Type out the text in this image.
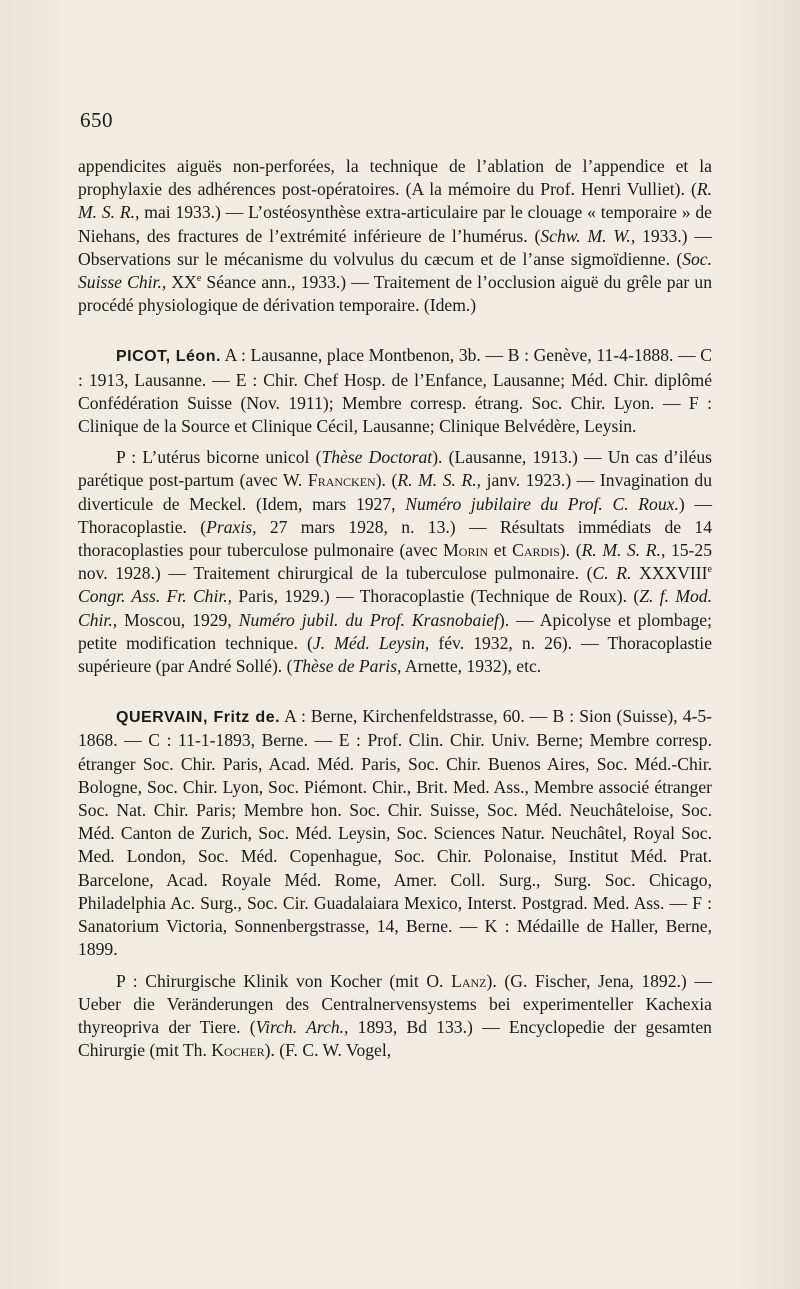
650

appendicites aiguës non-perforées, la technique de l’ablation de l’appendice et la prophylaxie des adhérences post-opératoires. (A la mémoire du Prof. Henri Vulliet). (R. M. S. R., mai 1933.) — L’ostéosynthèse extra-articulaire par le clouage « temporaire » de Niehans, des fractures de l’extrémité inférieure de l’humérus. (Schw. M. W., 1933.) — Observations sur le mécanisme du volvulus du cæcum et de l’anse sigmoïdienne. (Soc. Suisse Chir., XXe Séance ann., 1933.) — Traitement de l’occlusion aiguë du grêle par un procédé physiologique de dérivation temporaire. (Idem.)

PICOT, Léon. A : Lausanne, place Montbenon, 3b. — B : Genève, 11-4-1888. — C : 1913, Lausanne. — E : Chir. Chef Hosp. de l’Enfance, Lausanne; Méd. Chir. diplômé Confédération Suisse (Nov. 1911); Membre corresp. étrang. Soc. Chir. Lyon. — F : Clinique de la Source et Clinique Cécil, Lausanne; Clinique Belvédère, Leysin.

P : L’utérus bicorne unicol (Thèse Doctorat). (Lausanne, 1913.) — Un cas d’iléus parétique post-partum (avec W. Francken). (R. M. S. R., janv. 1923.) — Invagination du diverticule de Meckel. (Idem, mars 1927, Numéro jubilaire du Prof. C. Roux.) — Thoracoplastie. (Praxis, 27 mars 1928, n. 13.) — Résultats immédiats de 14 thoracoplasties pour tuberculose pulmonaire (avec Morin et Cardis). (R. M. S. R., 15-25 nov. 1928.) — Traitement chirurgical de la tuberculose pulmonaire. (C. R. XXXVIIIe Congr. Ass. Fr. Chir., Paris, 1929.) — Thoracoplastie (Technique de Roux). (Z. f. Mod. Chir., Moscou, 1929, Numéro jubil. du Prof. Krasnobaief). — Apicolyse et plombage; petite modification technique. (J. Méd. Leysin, fév. 1932, n. 26). — Thoracoplastie supérieure (par André Sollé). (Thèse de Paris, Arnette, 1932), etc.

QUERVAIN, Fritz de. A : Berne, Kirchenfeldstrasse, 60. — B : Sion (Suisse), 4-5-1868. — C : 11-1-1893, Berne. — E : Prof. Clin. Chir. Univ. Berne; Membre corresp. étranger Soc. Chir. Paris, Acad. Méd. Paris, Soc. Chir. Buenos Aires, Soc. Méd.-Chir. Bologne, Soc. Chir. Lyon, Soc. Piémont. Chir., Brit. Med. Ass., Membre associé étranger Soc. Nat. Chir. Paris; Membre hon. Soc. Chir. Suisse, Soc. Méd. Neuchâteloise, Soc. Méd. Canton de Zurich, Soc. Méd. Leysin, Soc. Sciences Natur. Neuchâtel, Royal Soc. Med. London, Soc. Méd. Copenhague, Soc. Chir. Polonaise, Institut Méd. Prat. Barcelone, Acad. Royale Méd. Rome, Amer. Coll. Surg., Surg. Soc. Chicago, Philadelphia Ac. Surg., Soc. Cir. Guadalaiara Mexico, Interst. Postgrad. Med. Ass. — F : Sanatorium Victoria, Sonnenbergstrasse, 14, Berne. — K : Médaille de Haller, Berne, 1899.

P : Chirurgische Klinik von Kocher (mit O. Lanz). (G. Fischer, Jena, 1892.) — Ueber die Veränderungen des Centralnervensystems bei experimenteller Kachexia thyreopriva der Tiere. (Virch. Arch., 1893, Bd 133.) — Encyclopedie der gesamten Chirurgie (mit Th. Kocher). (F. C. W. Vogel,
